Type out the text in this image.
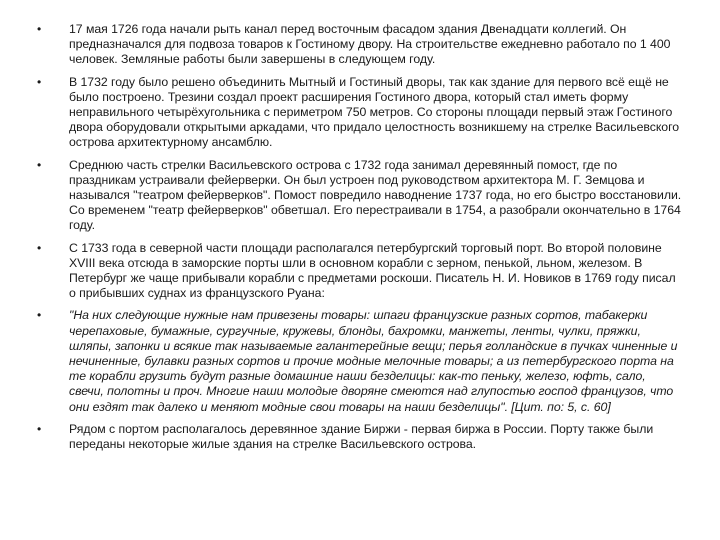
• 17 мая 1726 года начали рыть канал перед восточным фасадом здания Двенадцати коллегий. Он предназначался для подвоза товаров к Гостиному двору. На строительстве ежедневно работало по 1 400 человек. Земляные работы были завершены в следующем году.
• В 1732 году было решено объединить Мытный и Гостиный дворы, так как здание для первого всё ещё не было построено. Трезини создал проект расширения Гостиного двора, который стал иметь форму неправильного четырёхугольника с периметром 750 метров. Со стороны площади первый этаж Гостиного двора оборудовали открытыми аркадами, что придало целостность возникшему на стрелке Васильевского острова архитектурному ансамблю.
• Среднюю часть стрелки Васильевского острова с 1732 года занимал деревянный помост, где по праздникам устраивали фейерверки. Он был устроен под руководством архитектора М. Г. Земцова и назывался "театром фейерверков". Помост повредило наводнение 1737 года, но его быстро восстановили. Со временем "театр фейерверков" обветшал. Его перестраивали в 1754, а разобрали окончательно в 1764 году.
• С 1733 года в северной части площади располагался петербургский торговый порт. Во второй половине XVIII века отсюда в заморские порты шли в основном корабли с зерном, пенькой, льном, железом. В Петербург же чаще прибывали корабли с предметами роскоши. Писатель Н. И. Новиков в 1769 году писал о прибывших суднах из французского Руана:
• "На них следующие нужные нам привезены товары: шпаги французские разных сортов, табакерки черепаховые, бумажные, сургучные, кружевы, блонды, бахромки, манжеты, ленты, чулки, пряжки, шляпы, запонки и всякие так называемые галантерейные вещи; перья голландские в пучках чиненные и нечиненные, булавки разных сортов и прочие модные мелочные товары; а из петербургского порта на те корабли грузить будут разные домашние наши безделицы: как-то пеньку, железо, юфть, сало, свечи, полотны и проч. Многие наши молодые дворяне смеются над глупостью господ французов, что они ездят так далеко и меняют модные свои товары на наши безделицы". [Цит. по: 5, с. 60]
• Рядом с портом располагалось деревянное здание Биржи - первая биржа в России. Порту также были переданы некоторые жилые здания на стрелке Васильевского острова.
